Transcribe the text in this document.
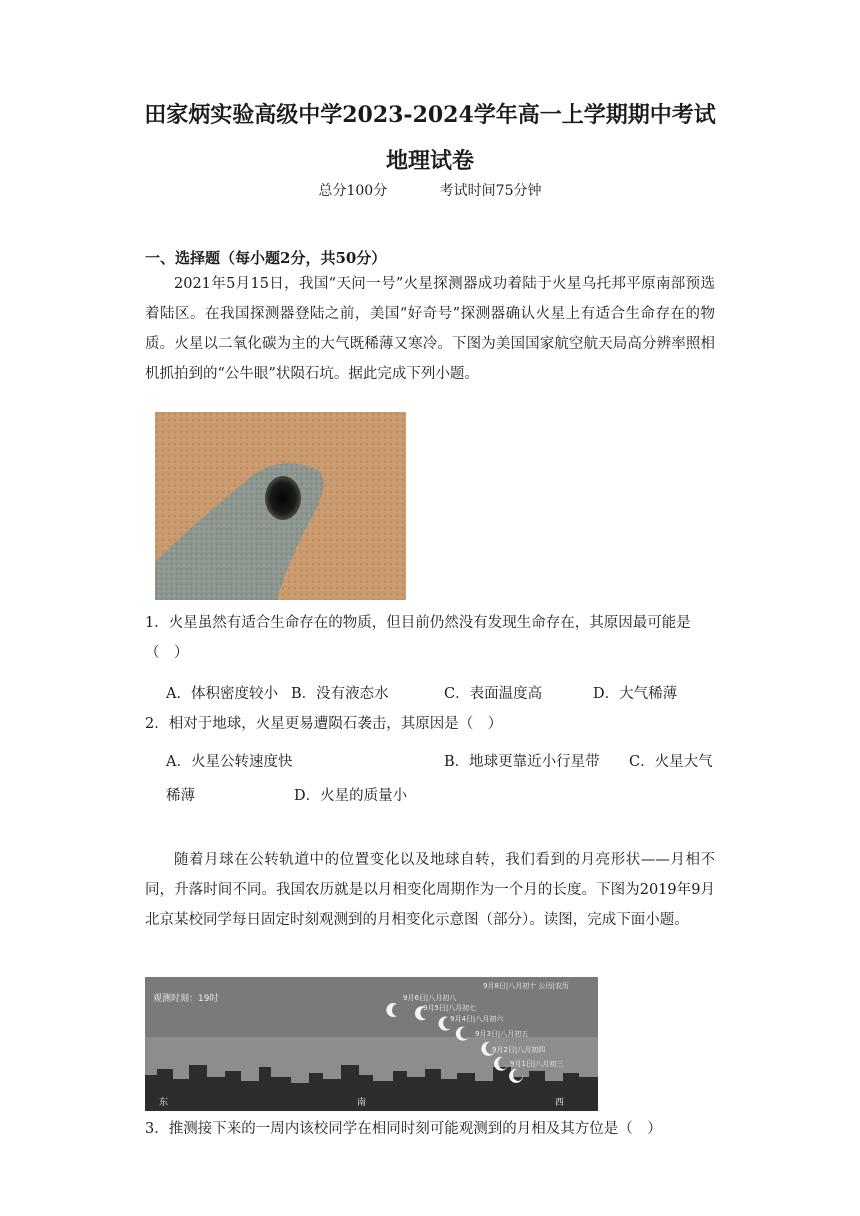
田家炳实验高级中学2023-2024学年高一上学期期中考试
地理试卷
总分100分	考试时间75分钟
一、选择题（每小题2分，共50分）
2021年5月15日，我国“天问一号”火星探测器成功着陆于火星乌托邦平原南部预选着陆区。在我国探测器登陆之前，美国“好奇号”探测器确认火星上有适合生命存在的物质。火星以二氧化碳为主的大气既稀薄又寒冷。下图为美国国家航空航天局高分辨率照相机抓拍到的“公牛眼”状陨石坑。据此完成下列小题。
1．火星虽然有适合生命存在的物质，但目前仍然没有发现生命存在，其原因最可能是（　）
A．体积密度较小 B．没有液态水	C．表面温度高	D．大气稀薄
2．相对于地球，火星更易遭陨石袭击，其原因是（　）
A．火星公转速度快	B．地球更靠近小行星带 C．火星大气
稀薄	D．火星的质量小
随着月球在公转轨道中的位置变化以及地球自转，我们看到的月亮形状——月相不同，升落时间不同。我国农历就是以月相变化周期作为一个月的长度。下图为2019年9月北京某校同学每日固定时刻观测到的月相变化示意图（部分）。读图，完成下面小题。
观测时刻：19时
9月8日|八月初十 公历|农历
9月6日|八月初八
9月5日|八月初七
9月4日|八月初六
9月3日|八月初五
9月2日|八月初四
9月1日|八月初三
东	南	西
3．推测接下来的一周内该校同学在相同时刻可能观测到的月相及其方位是（　）
